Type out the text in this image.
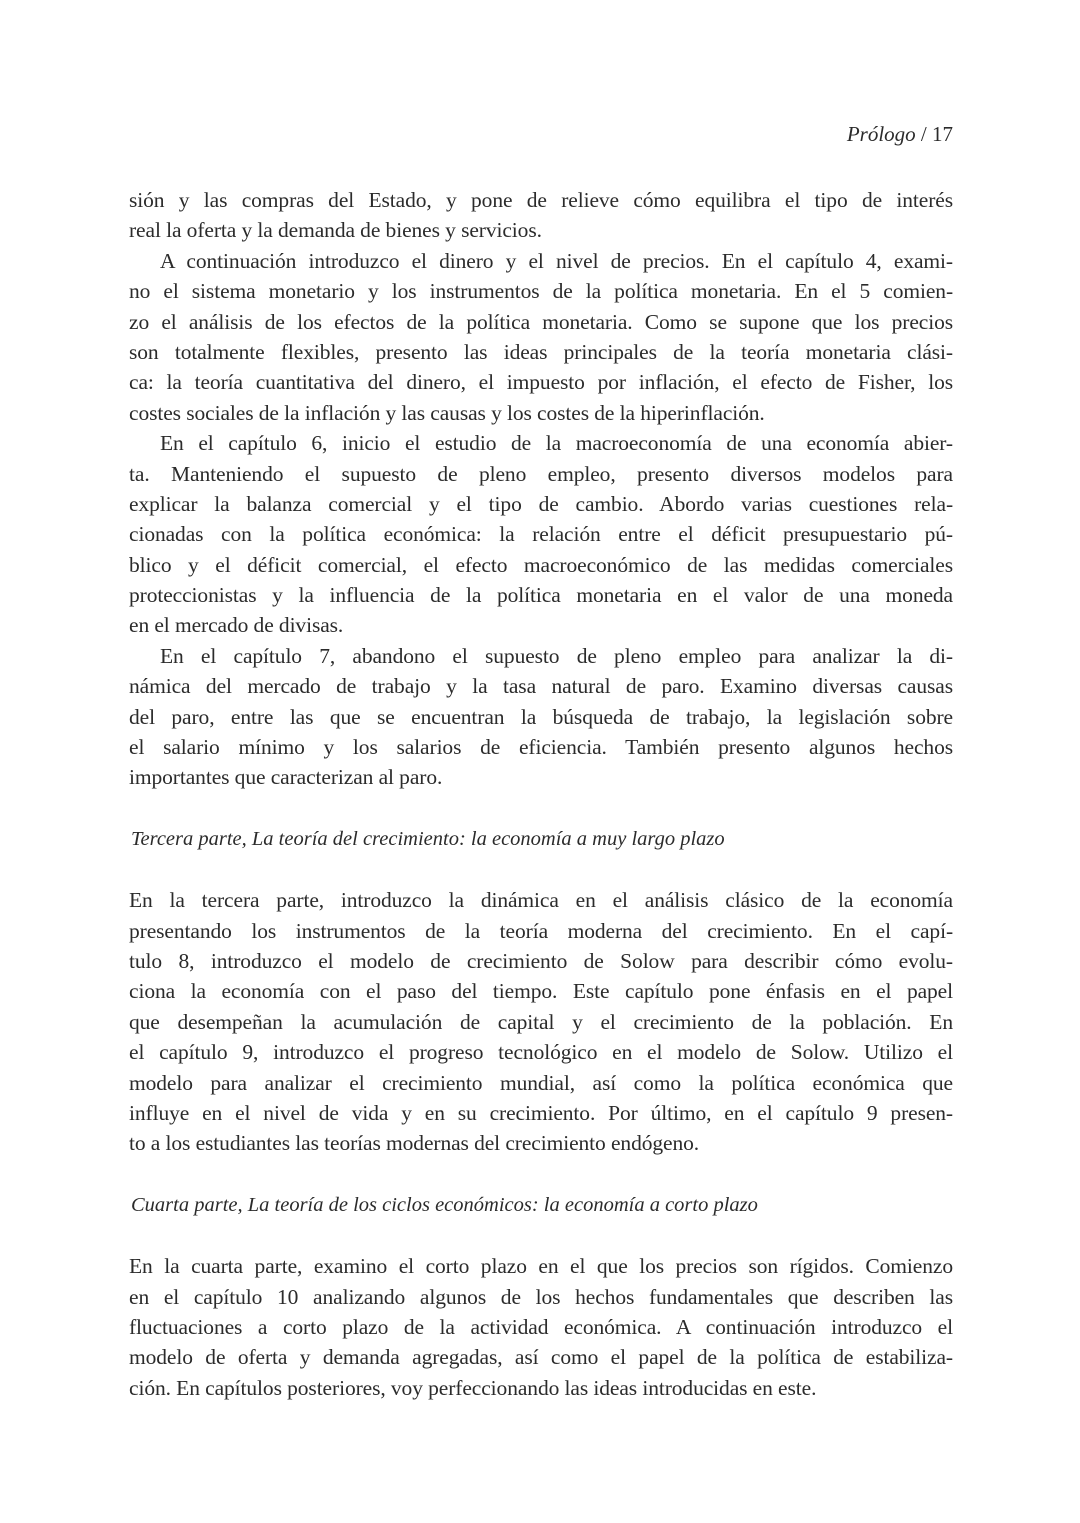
Prólogo / 17
sión y las compras del Estado, y pone de relieve cómo equilibra el tipo de interés
real la oferta y la demanda de bienes y servicios.
A continuación introduzco el dinero y el nivel de precios. En el capítulo 4, exami-
no el sistema monetario y los instrumentos de la política monetaria. En el 5 comien-
zo el análisis de los efectos de la política monetaria. Como se supone que los precios
son totalmente flexibles, presento las ideas principales de la teoría monetaria clási-
ca: la teoría cuantitativa del dinero, el impuesto por inflación, el efecto de Fisher, los
costes sociales de la inflación y las causas y los costes de la hiperinflación.
En el capítulo 6, inicio el estudio de la macroeconomía de una economía abier-
ta. Manteniendo el supuesto de pleno empleo, presento diversos modelos para
explicar la balanza comercial y el tipo de cambio. Abordo varias cuestiones rela-
cionadas con la política económica: la relación entre el déficit presupuestario pú-
blico y el déficit comercial, el efecto macroeconómico de las medidas comerciales
proteccionistas y la influencia de la política monetaria en el valor de una moneda
en el mercado de divisas.
En el capítulo 7, abandono el supuesto de pleno empleo para analizar la di-
námica del mercado de trabajo y la tasa natural de paro. Examino diversas causas
del paro, entre las que se encuentran la búsqueda de trabajo, la legislación sobre
el salario mínimo y los salarios de eficiencia. También presento algunos hechos
importantes que caracterizan al paro.
Tercera parte, La teoría del crecimiento: la economía a muy largo plazo
En la tercera parte, introduzco la dinámica en el análisis clásico de la economía
presentando los instrumentos de la teoría moderna del crecimiento. En el capí-
tulo 8, introduzco el modelo de crecimiento de Solow para describir cómo evolu-
ciona la economía con el paso del tiempo. Este capítulo pone énfasis en el papel
que desempeñan la acumulación de capital y el crecimiento de la población. En
el capítulo 9, introduzco el progreso tecnológico en el modelo de Solow. Utilizo el
modelo para analizar el crecimiento mundial, así como la política económica que
influye en el nivel de vida y en su crecimiento. Por último, en el capítulo 9 presen-
to a los estudiantes las teorías modernas del crecimiento endógeno.
Cuarta parte, La teoría de los ciclos económicos: la economía a corto plazo
En la cuarta parte, examino el corto plazo en el que los precios son rígidos. Comienzo
en el capítulo 10 analizando algunos de los hechos fundamentales que describen las
fluctuaciones a corto plazo de la actividad económica. A continuación introduzco el
modelo de oferta y demanda agregadas, así como el papel de la política de estabiliza-
ción. En capítulos posteriores, voy perfeccionando las ideas introducidas en este.
